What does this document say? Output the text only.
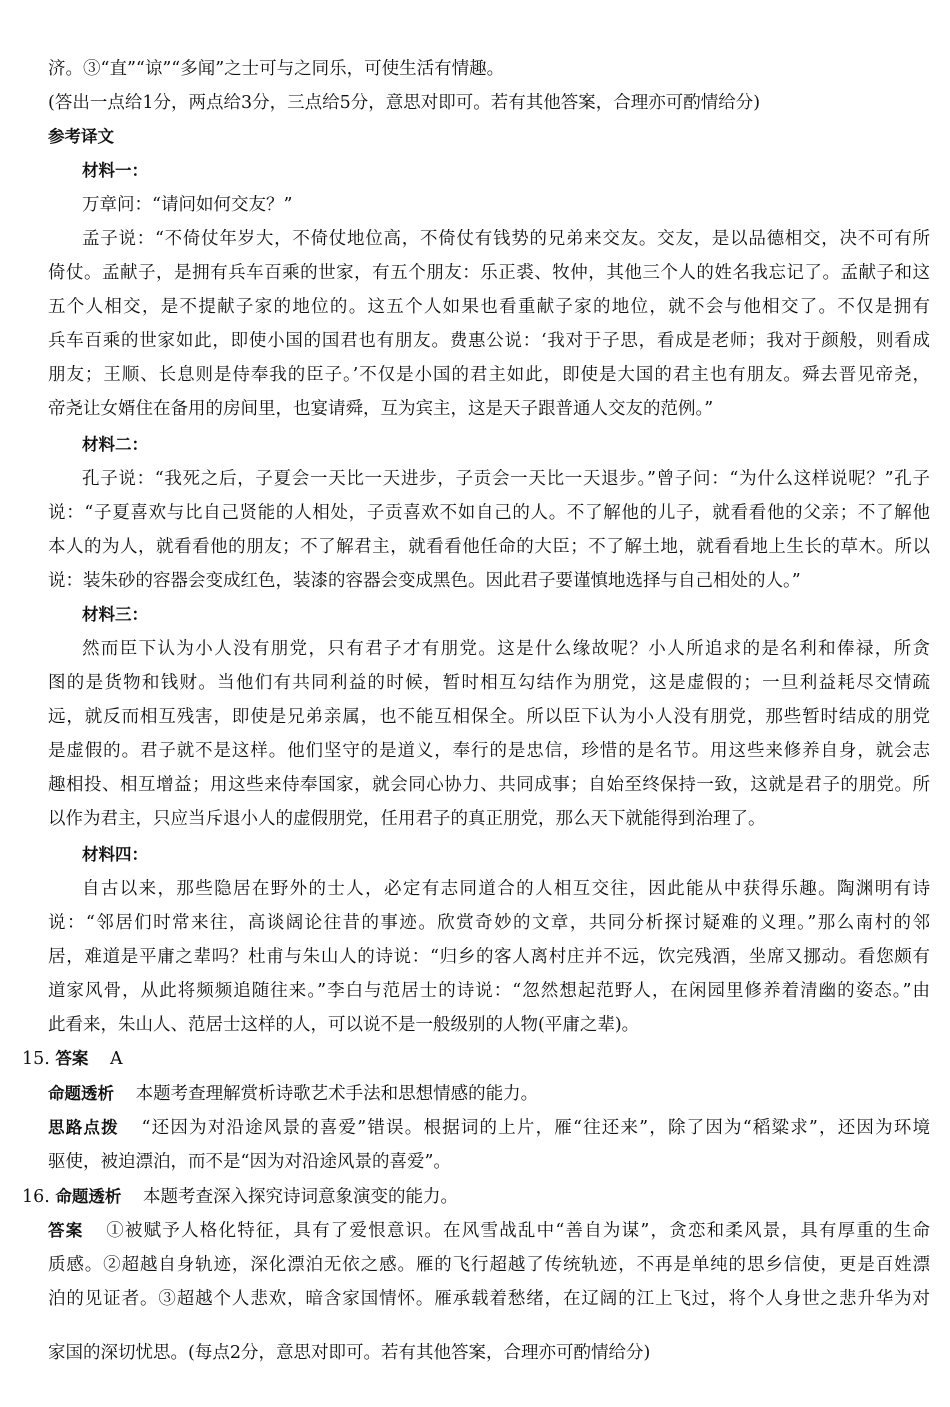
济。③“直”“谅”“多闻”之士可与之同乐，可使生活有情趣。
(答出一点给1分，两点给3分，三点给5分，意思对即可。若有其他答案，合理亦可酌情给分)
参考译文
材料一：
万章问：“请问如何交友？”
孟子说：“不倚仗年岁大，不倚仗地位高，不倚仗有钱势的兄弟来交友。交友，是以品德相交，决不可有所
倚仗。孟献子，是拥有兵车百乘的世家，有五个朋友：乐正裘、牧仲，其他三个人的姓名我忘记了。孟献子和这
五个人相交，是不提献子家的地位的。这五个人如果也看重献子家的地位，就不会与他相交了。不仅是拥有
兵车百乘的世家如此，即使小国的国君也有朋友。费惠公说：‘我对于子思，看成是老师；我对于颜般，则看成
朋友；王顺、长息则是侍奉我的臣子。’不仅是小国的君主如此，即使是大国的君主也有朋友。舜去晋见帝尧，
帝尧让女婿住在备用的房间里，也宴请舜，互为宾主，这是天子跟普通人交友的范例。”
材料二：
孔子说：“我死之后，子夏会一天比一天进步，子贡会一天比一天退步。”曾子问：“为什么这样说呢？”孔子
说：“子夏喜欢与比自己贤能的人相处，子贡喜欢不如自己的人。不了解他的儿子，就看看他的父亲；不了解他
本人的为人，就看看他的朋友；不了解君主，就看看他任命的大臣；不了解土地，就看看地上生长的草木。所以
说：装朱砂的容器会变成红色，装漆的容器会变成黑色。因此君子要谨慎地选择与自己相处的人。”
材料三：
然而臣下认为小人没有朋党，只有君子才有朋党。这是什么缘故呢？小人所追求的是名利和俸禄，所贪
图的是货物和钱财。当他们有共同利益的时候，暂时相互勾结作为朋党，这是虚假的；一旦利益耗尽交情疏
远，就反而相互残害，即使是兄弟亲属，也不能互相保全。所以臣下认为小人没有朋党，那些暂时结成的朋党
是虚假的。君子就不是这样。他们坚守的是道义，奉行的是忠信，珍惜的是名节。用这些来修养自身，就会志
趣相投、相互增益；用这些来侍奉国家，就会同心协力、共同成事；自始至终保持一致，这就是君子的朋党。所
以作为君主，只应当斥退小人的虚假朋党，任用君子的真正朋党，那么天下就能得到治理了。
材料四：
自古以来，那些隐居在野外的士人，必定有志同道合的人相互交往，因此能从中获得乐趣。陶渊明有诗
说：“邻居们时常来往，高谈阔论往昔的事迹。欣赏奇妙的文章，共同分析探讨疑难的义理。”那么南村的邻
居，难道是平庸之辈吗？杜甫与朱山人的诗说：“归乡的客人离村庄并不远，饮完残酒，坐席又挪动。看您颇有
道家风骨，从此将频频追随往来。”李白与范居士的诗说：“忽然想起范野人，在闲园里修养着清幽的姿态。”由
此看来，朱山人、范居士这样的人，可以说不是一般级别的人物(平庸之辈)。
15. 答案 A
命题透析 本题考查理解赏析诗歌艺术手法和思想情感的能力。
思路点拨 “还因为对沿途风景的喜爱”错误。根据词的上片，雁“往还来”，除了因为“稻粱求”，还因为环境
驱使，被迫漂泊，而不是“因为对沿途风景的喜爱”。
16. 命题透析 本题考查深入探究诗词意象演变的能力。
答案 ①被赋予人格化特征，具有了爱恨意识。在风雪战乱中“善自为谋”，贪恋和柔风景，具有厚重的生命
质感。②超越自身轨迹，深化漂泊无依之感。雁的飞行超越了传统轨迹，不再是单纯的思乡信使，更是百姓漂
泊的见证者。③超越个人悲欢，暗含家国情怀。雁承载着愁绪，在辽阔的江上飞过，将个人身世之悲升华为对
家国的深切忧思。(每点2分，意思对即可。若有其他答案，合理亦可酌情给分)
